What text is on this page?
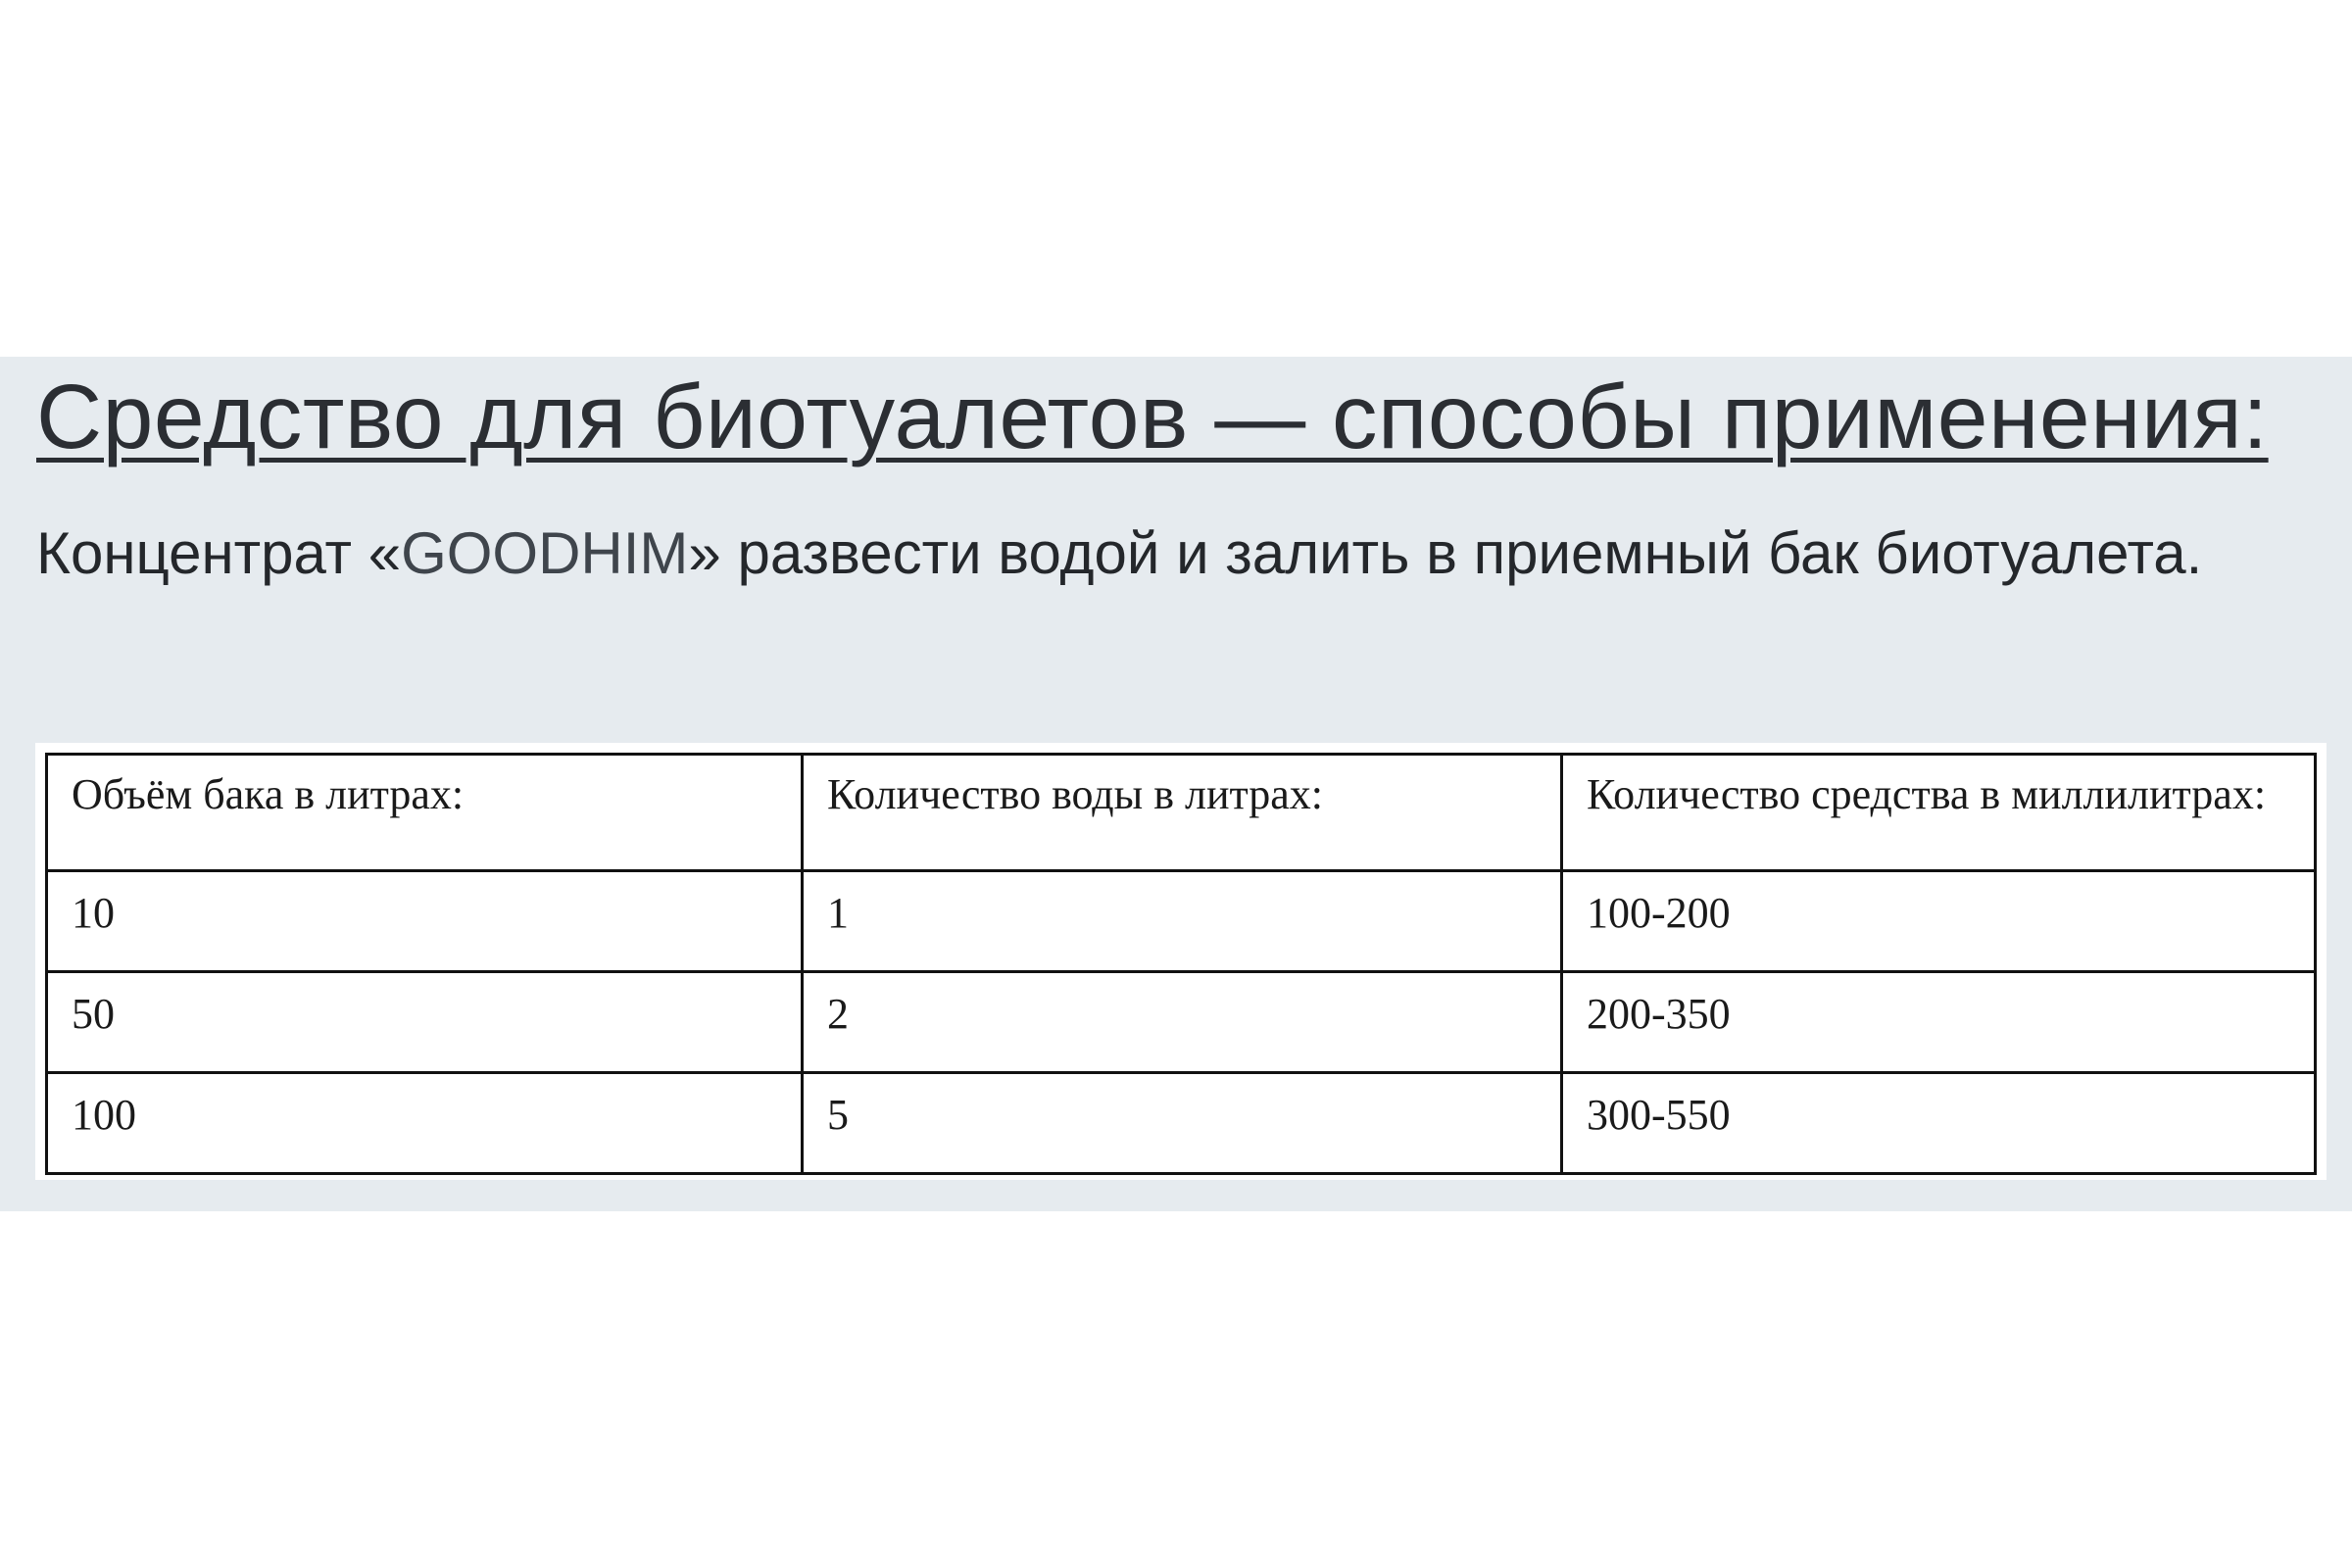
Средство для биотуалетов — способы применения:

Концентрат «GOODHIM» развести водой и залить в приемный бак биотуалета.

Объём бака в литрах:	Количество воды в литрах:	Количество средства в миллилитрах:
10	1	100-200
50	2	200-350
100	5	300-550
